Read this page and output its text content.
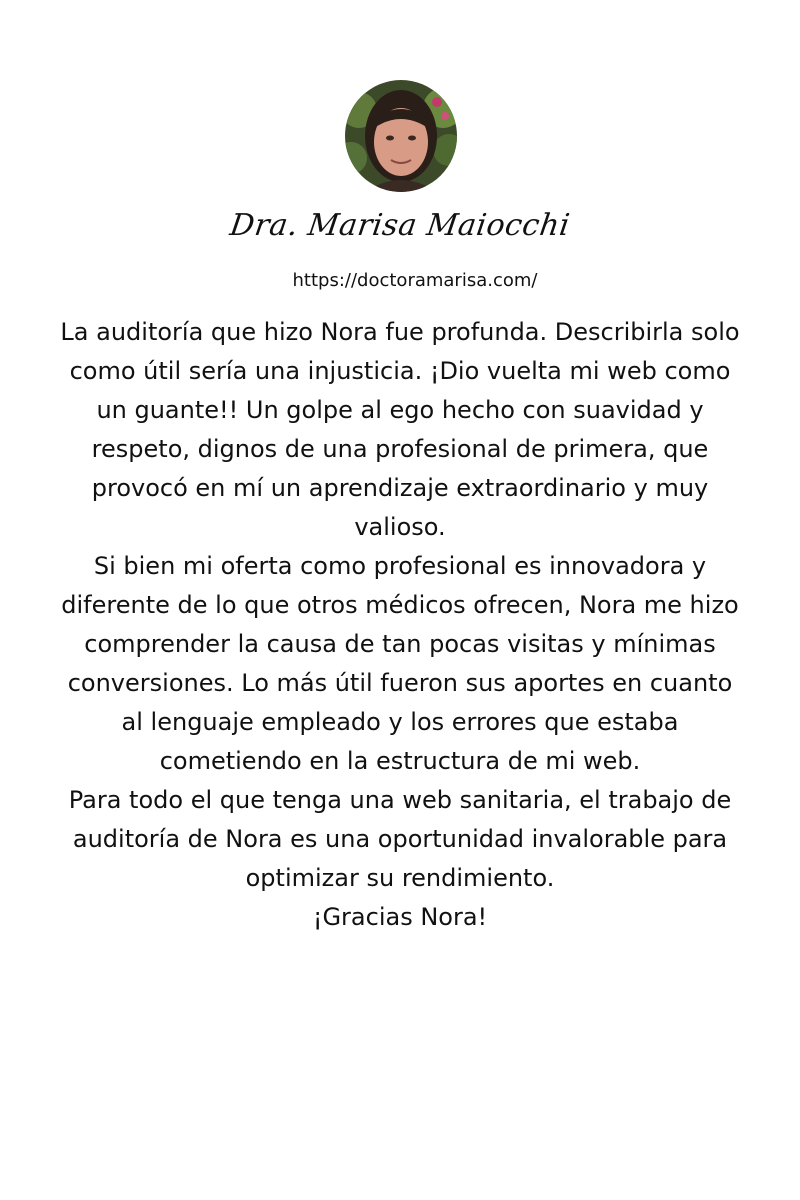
Dra. Marisa Maiocchi
https://doctoramarisa.com/

La auditoría que hizo Nora fue profunda. Describirla solo como útil sería una injusticia. ¡Dio vuelta mi web como un guante!! Un golpe al ego hecho con suavidad y respeto, dignos de una profesional de primera, que provocó en mí un aprendizaje extraordinario y muy valioso.

Si bien mi oferta como profesional es innovadora y diferente de lo que otros médicos ofrecen, Nora me hizo comprender la causa de tan pocas visitas y mínimas conversiones. Lo más útil fueron sus aportes en cuanto al lenguaje empleado y los errores que estaba cometiendo en la estructura de mi web.

Para todo el que tenga una web sanitaria, el trabajo de auditoría de Nora es una oportunidad invalorable para optimizar su rendimiento.

¡Gracias Nora!
